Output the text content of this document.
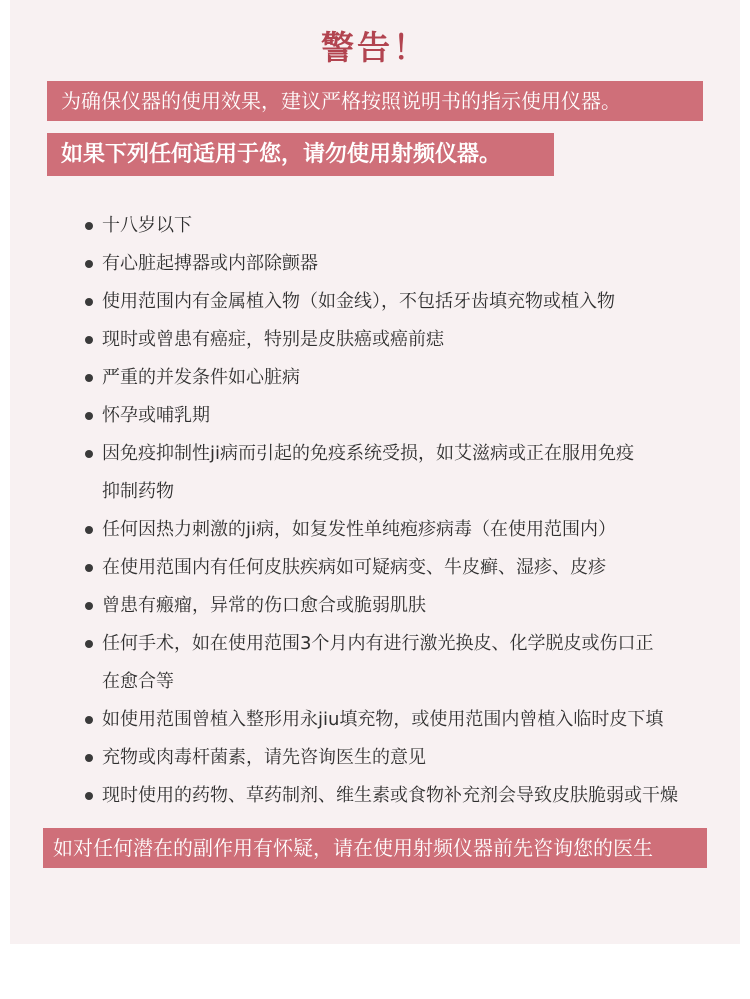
警告！
为确保仪器的使用效果，建议严格按照说明书的指示使用仪器。
如果下列任何适用于您，请勿使用射频仪器。
十八岁以下
有心脏起搏器或内部除颤器
使用范围内有金属植入物（如金线），不包括牙齿填充物或植入物
现时或曾患有癌症，特别是皮肤癌或癌前痣
严重的并发条件如心脏病
怀孕或哺乳期
因免疫抑制性ji病而引起的免疫系统受损，如艾滋病或正在服用免疫
抑制药物
任何因热力刺激的ji病，如复发性单纯疱疹病毒（在使用范围内）
在使用范围内有任何皮肤疾病如可疑病变、牛皮癣、湿疹、皮疹
曾患有瘢瘤，异常的伤口愈合或脆弱肌肤
任何手术，如在使用范围3个月内有进行激光换皮、化学脱皮或伤口正
在愈合等
如使用范围曾植入整形用永jiu填充物，或使用范围内曾植入临时皮下填
充物或肉毒杆菌素，请先咨询医生的意见
现时使用的药物、草药制剂、维生素或食物补充剂会导致皮肤脆弱或干燥
如对任何潜在的副作用有怀疑，请在使用射频仪器前先咨询您的医生
